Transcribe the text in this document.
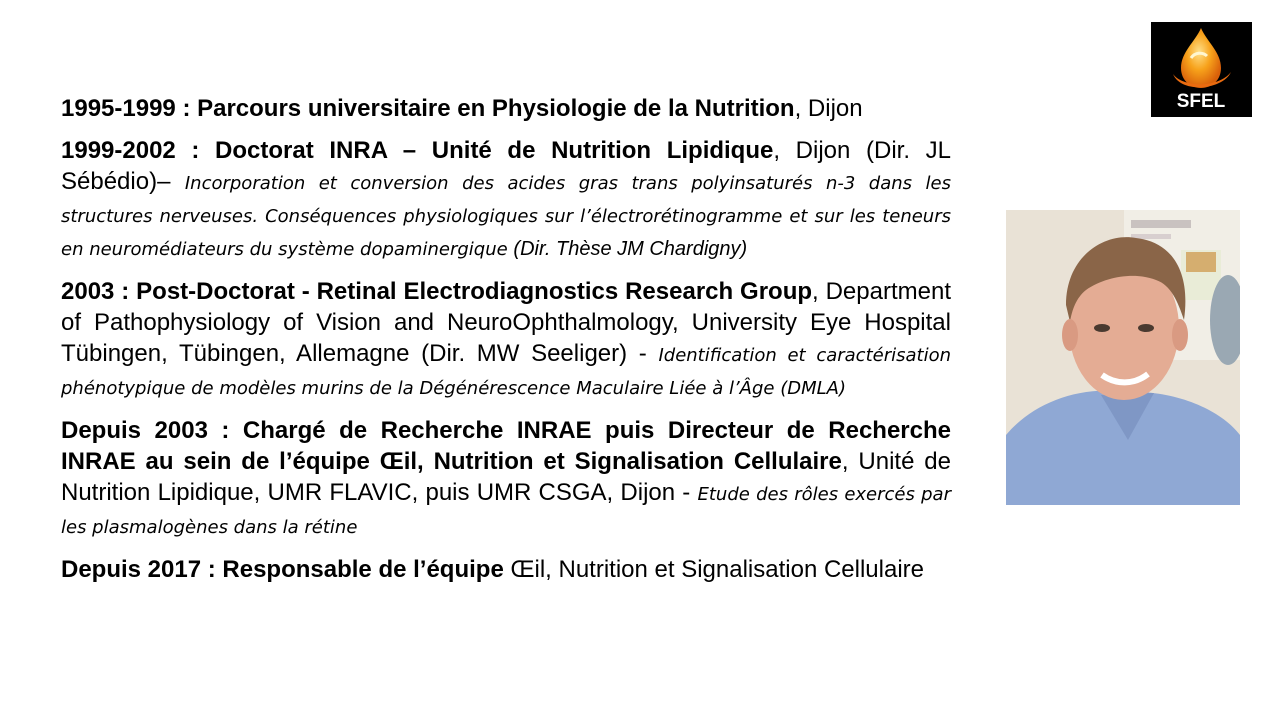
SFEL

1995-1999 : Parcours universitaire en Physiologie de la Nutrition, Dijon

1999-2002 : Doctorat INRA – Unité de Nutrition Lipidique, Dijon (Dir. JL Sébédio)– Incorporation et conversion des acides gras trans polyinsaturés n-3 dans les structures nerveuses. Conséquences physiologiques sur l’électrorétinogramme et sur les teneurs en neuromédiateurs du système dopaminergique (Dir. Thèse JM Chardigny)

2003 : Post-Doctorat - Retinal Electrodiagnostics Research Group, Department of Pathophysiology of Vision and NeuroOphthalmology, University Eye Hospital Tübingen, Tübingen, Allemagne (Dir. MW Seeliger) - Identification et caractérisation phénotypique de modèles murins de la Dégénérescence Maculaire Liée à l’Âge (DMLA)

Depuis 2003 : Chargé de Recherche INRAE puis Directeur de Recherche INRAE au sein de l’équipe Œil, Nutrition et Signalisation Cellulaire, Unité de Nutrition Lipidique, UMR FLAVIC, puis UMR CSGA, Dijon - Etude des rôles exercés par les plasmalogènes dans la rétine

Depuis 2017 : Responsable de l’équipe Œil, Nutrition et Signalisation Cellulaire
